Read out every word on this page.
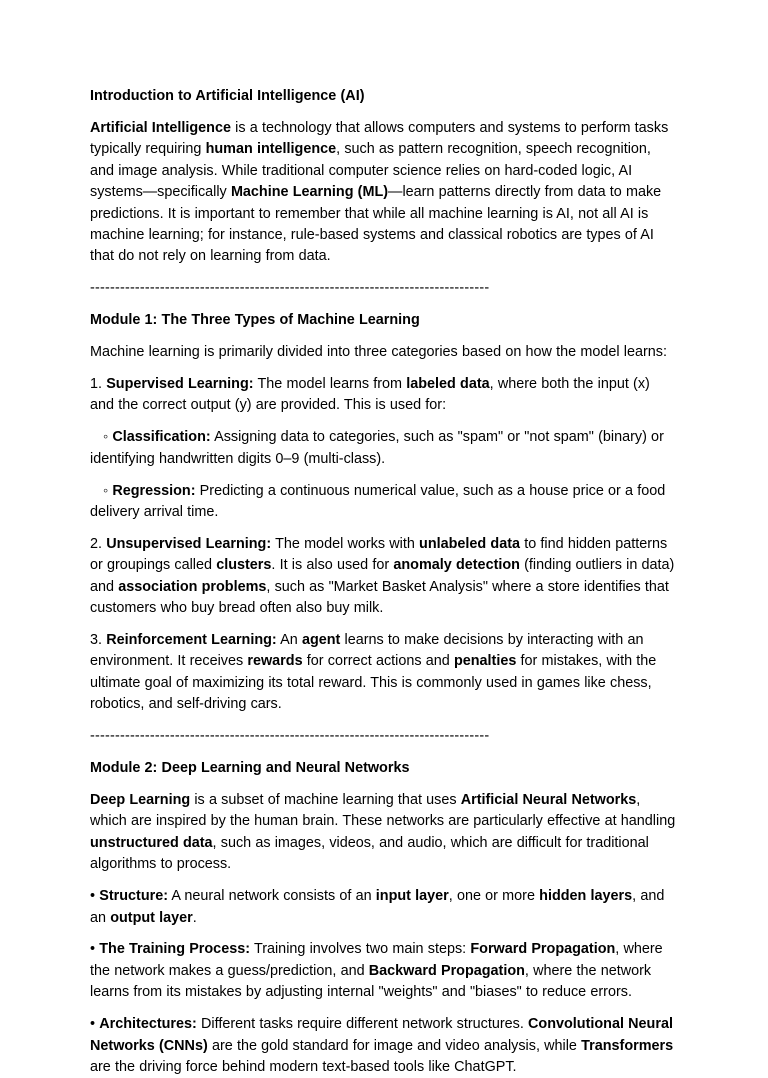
Introduction to Artificial Intelligence (AI)

Artificial Intelligence is a technology that allows computers and systems to perform tasks typically requiring human intelligence, such as pattern recognition, speech recognition, and image analysis. While traditional computer science relies on hard-coded logic, AI systems—specifically Machine Learning (ML)—learn patterns directly from data to make predictions. It is important to remember that while all machine learning is AI, not all AI is machine learning; for instance, rule-based systems and classical robotics are types of AI that do not rely on learning from data.

--------------------------------------------------------------------------------

Module 1: The Three Types of Machine Learning

Machine learning is primarily divided into three categories based on how the model learns:

1. Supervised Learning: The model learns from labeled data, where both the input (x) and the correct output (y) are provided. This is used for:

◦ Classification: Assigning data to categories, such as "spam" or "not spam" (binary) or identifying handwritten digits 0–9 (multi-class).

◦ Regression: Predicting a continuous numerical value, such as a house price or a food delivery arrival time.

2. Unsupervised Learning: The model works with unlabeled data to find hidden patterns or groupings called clusters. It is also used for anomaly detection (finding outliers in data) and association problems, such as "Market Basket Analysis" where a store identifies that customers who buy bread often also buy milk.

3. Reinforcement Learning: An agent learns to make decisions by interacting with an environment. It receives rewards for correct actions and penalties for mistakes, with the ultimate goal of maximizing its total reward. This is commonly used in games like chess, robotics, and self-driving cars.

--------------------------------------------------------------------------------

Module 2: Deep Learning and Neural Networks

Deep Learning is a subset of machine learning that uses Artificial Neural Networks, which are inspired by the human brain. These networks are particularly effective at handling unstructured data, such as images, videos, and audio, which are difficult for traditional algorithms to process.

• Structure: A neural network consists of an input layer, one or more hidden layers, and an output layer.

• The Training Process: Training involves two main steps: Forward Propagation, where the network makes a guess/prediction, and Backward Propagation, where the network learns from its mistakes by adjusting internal "weights" and "biases" to reduce errors.

• Architectures: Different tasks require different network structures. Convolutional Neural Networks (CNNs) are the gold standard for image and video analysis, while Transformers are the driving force behind modern text-based tools like ChatGPT.
